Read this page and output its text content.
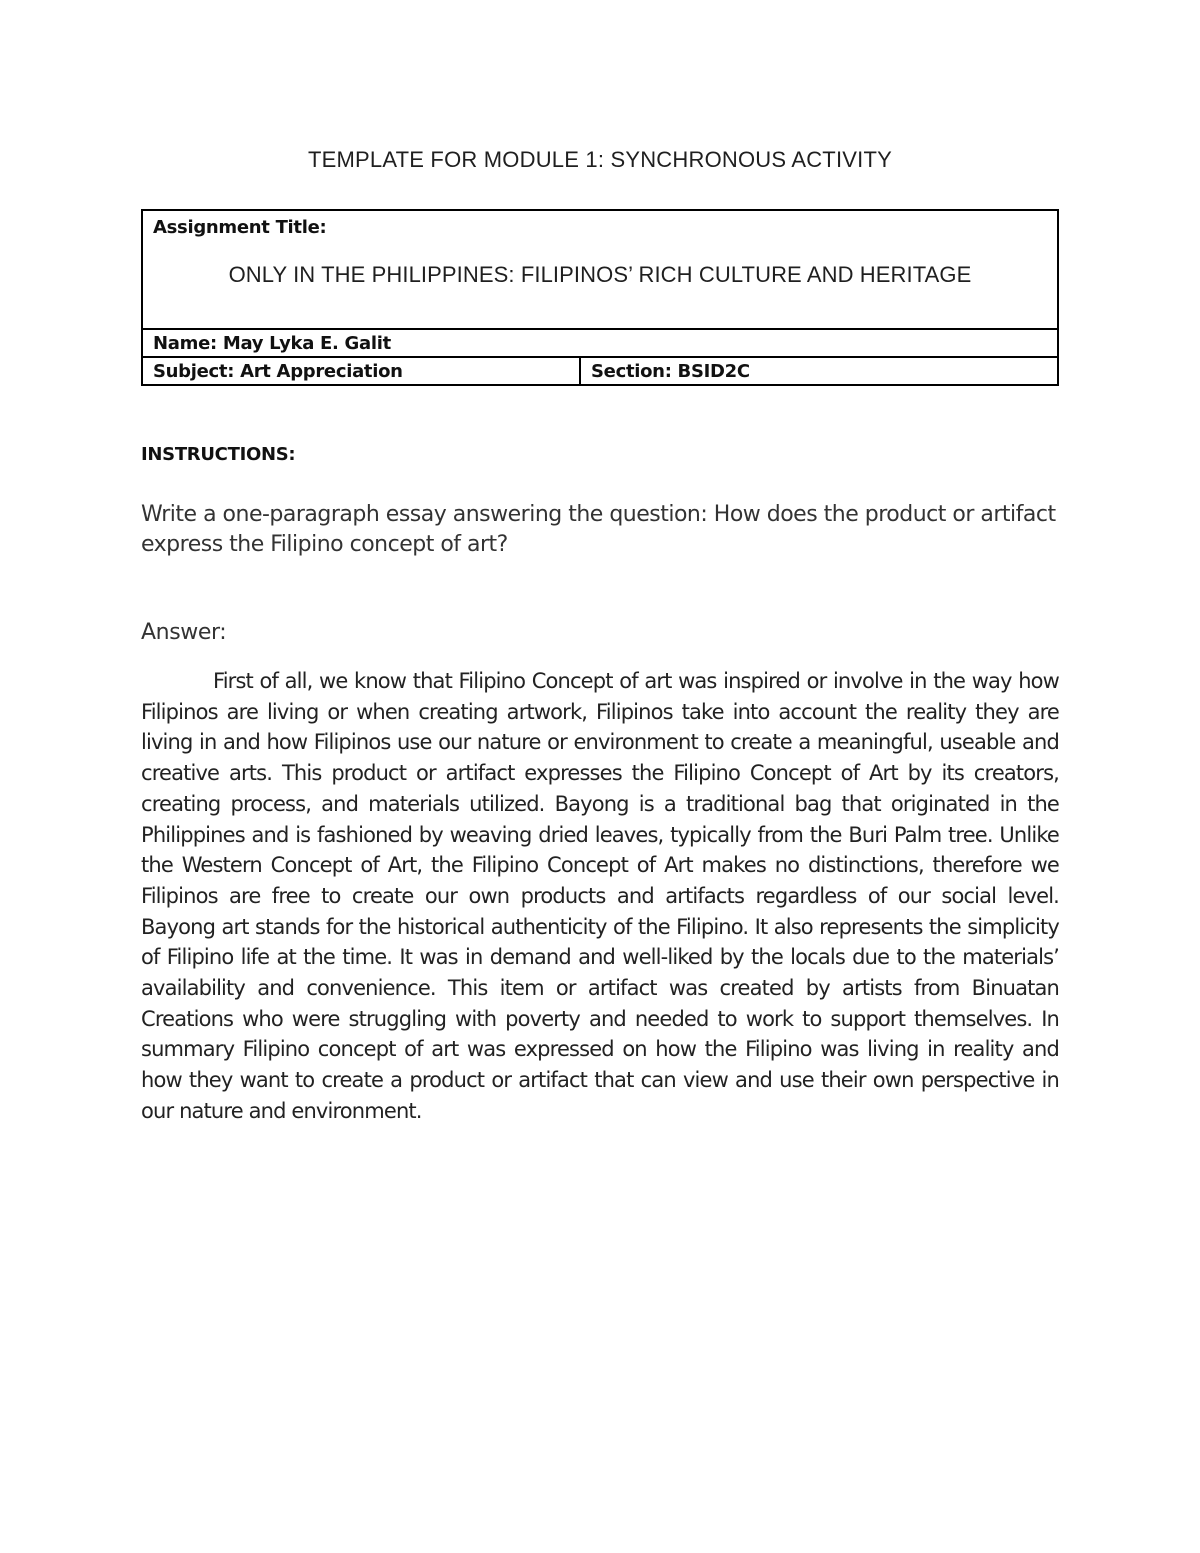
TEMPLATE FOR MODULE 1: SYNCHRONOUS ACTIVITY
Assignment Title:
ONLY IN THE PHILIPPINES: FILIPINOS’ RICH CULTURE AND HERITAGE

Name: May Lyka E. Galit
Subject: Art Appreciation	Section: BSID2C
INSTRUCTIONS:

Write a one-paragraph essay answering the question: How does the product or artifact express the Filipino concept of art?

Answer:

First of all, we know that Filipino Concept of art was inspired or involve in the way how Filipinos are living or when creating artwork, Filipinos take into account the reality they are living in and how Filipinos use our nature or environment to create a meaningful, useable and creative arts. This product or artifact expresses the Filipino Concept of Art by its creators, creating process, and materials utilized. Bayong is a traditional bag that originated in the Philippines and is fashioned by weaving dried leaves, typically from the Buri Palm tree. Unlike the Western Concept of Art, the Filipino Concept of Art makes no distinctions, therefore we Filipinos are free to create our own products and artifacts regardless of our social level. Bayong art stands for the historical authenticity of the Filipino. It also represents the simplicity of Filipino life at the time. It was in demand and well-liked by the locals due to the materials’ availability and convenience. This item or artifact was created by artists from Binuatan Creations who were struggling with poverty and needed to work to support themselves. In summary Filipino concept of art was expressed on how the Filipino was living in reality and how they want to create a product or artifact that can view and use their own perspective in our nature and environment.
